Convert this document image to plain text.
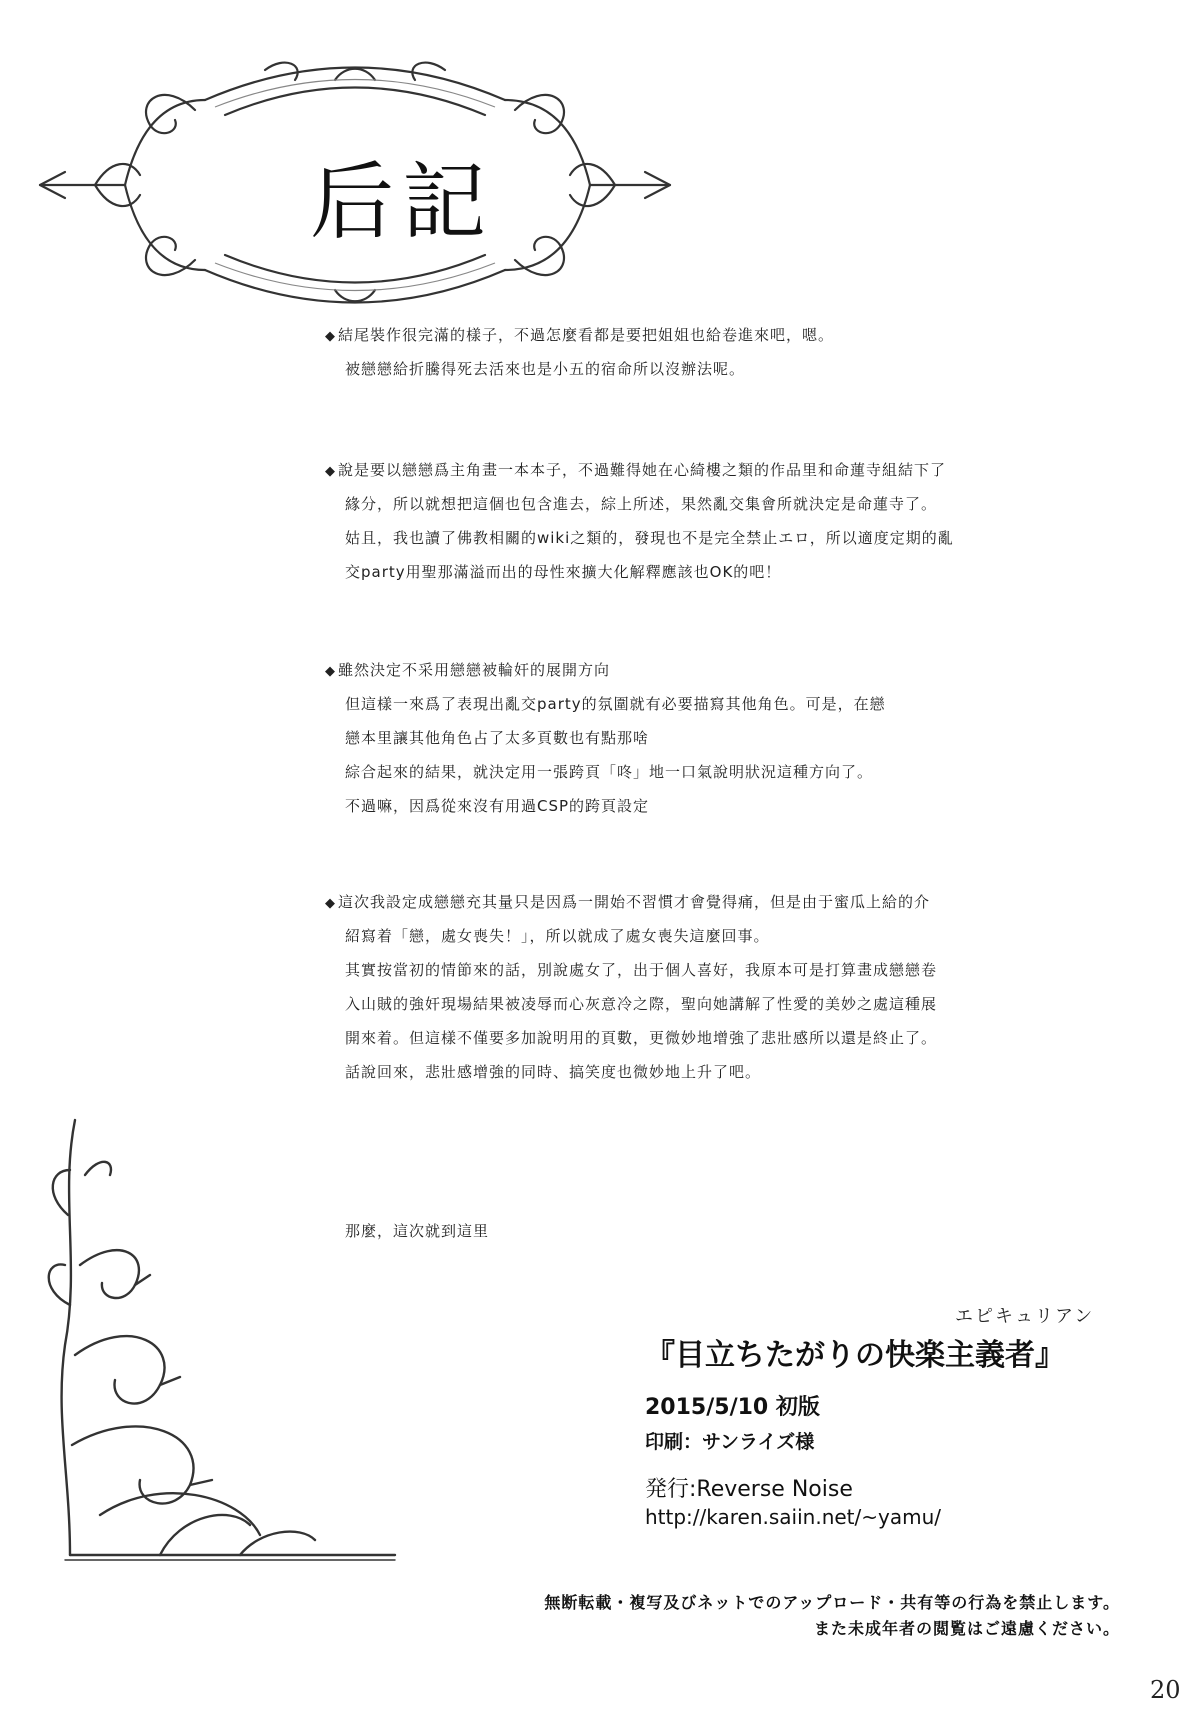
后記
◆ 結尾裝作很完滿的樣子，不過怎麼看都是要把姐姐也給卷進來吧，嗯。
被戀戀給折騰得死去活來也是小五的宿命所以沒辦法呢。
◆ 說是要以戀戀爲主角畫一本本子，不過難得她在心綺樓之類的作品里和命蓮寺組結下了
緣分，所以就想把這個也包含進去，綜上所述，果然亂交集會所就決定是命蓮寺了。
姑且，我也讀了佛教相關的wiki之類的，發現也不是完全禁止エロ，所以適度定期的亂
交party用聖那滿溢而出的母性來擴大化解釋應該也OK的吧！
◆ 雖然決定不采用戀戀被輪奸的展開方向
但這樣一來爲了表現出亂交party的氛圍就有必要描寫其他角色。可是，在戀
戀本里讓其他角色占了太多頁數也有點那啥
綜合起來的結果，就決定用一張跨頁「咚」地一口氣說明狀況這種方向了。
不過嘛，因爲從來沒有用過CSP的跨頁設定
◆ 這次我設定成戀戀充其量只是因爲一開始不習慣才會覺得痛，但是由于蜜瓜上給的介
紹寫着「戀，處女喪失！」，所以就成了處女喪失這麼回事。
其實按當初的情節來的話，別說處女了，出于個人喜好，我原本可是打算畫成戀戀卷
入山賊的強奸現場結果被凌辱而心灰意冷之際，聖向她講解了性愛的美妙之處這種展
開來着。但這樣不僅要多加說明用的頁數，更微妙地增強了悲壯感所以還是終止了。
話說回來，悲壯感增強的同時、搞笑度也微妙地上升了吧。
那麼，這次就到這里
エピキュリアン
『目立ちたがりの快楽主義者』
2015/5/10 初版
印刷：サンライズ様
発行:Reverse Noise
http://karen.saiin.net/~yamu/
無断転載・複写及びネットでのアップロード・共有等の行為を禁止します。
また未成年者の閲覧はご遠慮ください。
20
